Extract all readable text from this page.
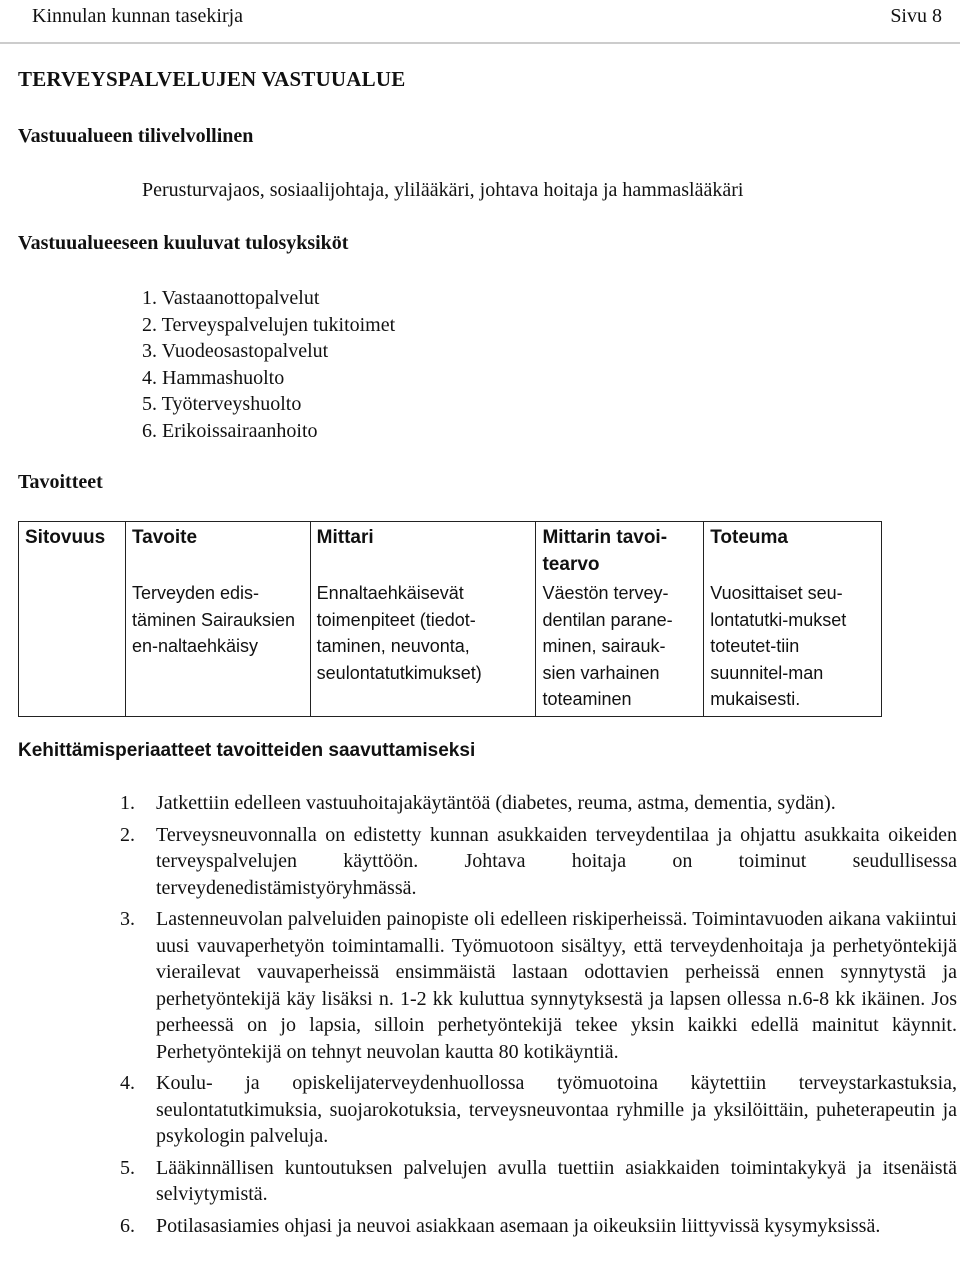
Kinnulan kunnan tasekirja	Sivu 8
TERVEYSPALVELUJEN VASTUUALUE
Vastuualueen tilivelvollinen
Perusturvajaos, sosiaalijohtaja, ylilääkäri, johtava hoitaja ja hammaslääkäri
Vastuualueeseen kuuluvat tulosyksiköt
1. Vastaanottopalvelut
2. Terveyspalvelujen tukitoimet
3. Vuodeosastopalvelut
4. Hammashuolto
5. Työterveyshuolto
6. Erikoissairaanhoito
Tavoitteet
Sitovuus	Tavoite	Mittari	Mittarin tavoi-tearvo	Toteuma
	Terveyden edis-täminen Sairauksien en-naltaehkäisy	Ennaltaehkäisevät toimenpiteet (tiedot-taminen, neuvonta, seulontatutkimukset)	Väestön tervey-dentilan parane-minen, sairauk-sien varhainen toteaminen	Vuosittaiset seu-lontatutki-mukset toteutet-tiin suunnitel-man mukaisesti.
Kehittämisperiaatteet tavoitteiden saavuttamiseksi
1. Jatkettiin edelleen vastuuhoitajakäytäntöä (diabetes, reuma, astma, dementia, sydän).
2. Terveysneuvonnalla on edistetty kunnan asukkaiden terveydentilaa ja ohjattu asukkaita oikeiden terveyspalvelujen käyttöön. Johtava hoitaja on toiminut seudullisessa terveydenedistämistyöryhmässä.
3. Lastenneuvolan palveluiden painopiste oli edelleen riskiperheissä. Toimintavuoden aikana vakiintui uusi vauvaperhetyön toimintamalli. Työmuotoon sisältyy, että terveydenhoitaja ja perhetyöntekijä vierailevat vauvaperheissä ensimmäistä lastaan odottavien perheissä ennen synnytystä ja perhetyöntekijä käy lisäksi n. 1-2 kk kuluttua synnytyksestä ja lapsen ollessa n.6-8 kk ikäinen. Jos perheessä on jo lapsia, silloin perhetyöntekijä tekee yksin kaikki edellä mainitut käynnit. Perhetyöntekijä on tehnyt neuvolan kautta 80 kotikäyntiä.
4. Koulu- ja opiskelijaterveydenhuollossa työmuotoina käytettiin terveystarkastuksia, seulontatutkimuksia, suojarokotuksia, terveysneuvontaa ryhmille ja yksilöittäin, puheterapeutin ja psykologin palveluja.
5. Lääkinnällisen kuntoutuksen palvelujen avulla tuettiin asiakkaiden toimintakykyä ja itsenäistä selviytymistä.
6. Potilasasiamies ohjasi ja neuvoi asiakkaan asemaan ja oikeuksiin liittyvissä kysymyksissä.
